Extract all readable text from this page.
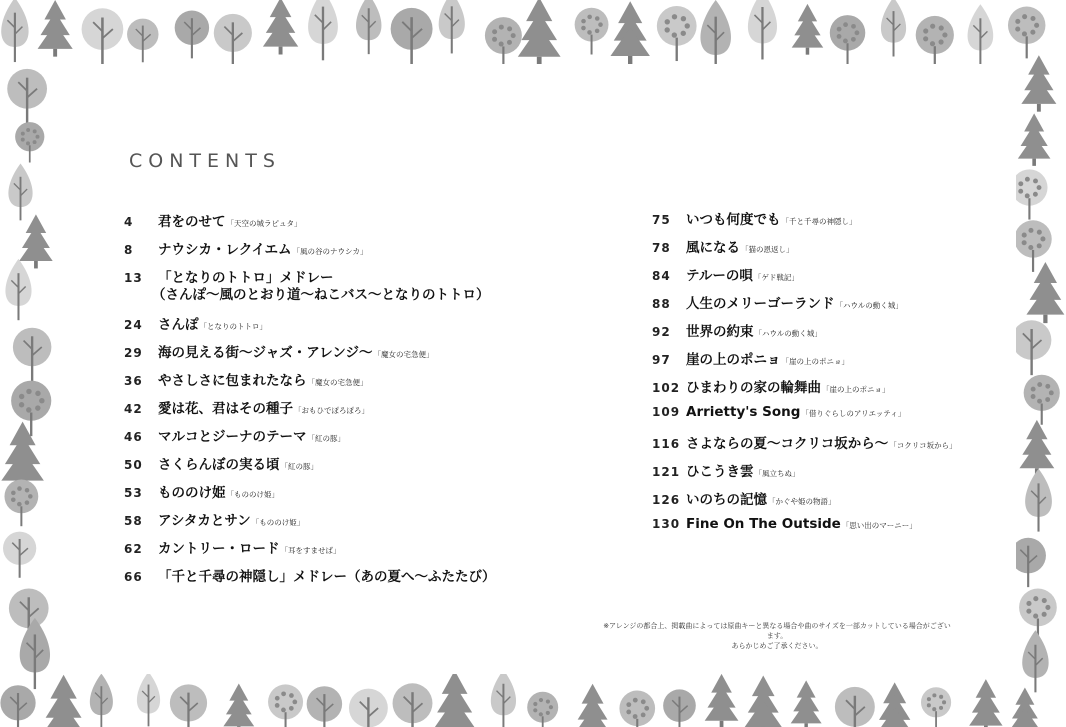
CONTENTS
4	君をのせて 「天空の城ラピュタ」
8	ナウシカ・レクイエム 「風の谷のナウシカ」
13	「となりのトトロ」メドレー
（さんぽ～風のとおり道～ねこバス～となりのトトロ）
24	さんぽ 「となりのトトロ」
29	海の見える街～ジャズ・アレンジ～ 「魔女の宅急便」
36	やさしさに包まれたなら 「魔女の宅急便」
42	愛は花、君はその種子 「おもひでぽろぽろ」
46	マルコとジーナのテーマ 「紅の豚」
50	さくらんぼの実る頃 「紅の豚」
53	もののけ姫 「もののけ姫」
58	アシタカとサン 「もののけ姫」
62	カントリー・ロード 「耳をすませば」
66	「千と千尋の神隠し」メドレー（あの夏へ～ふたたび）
75	いつも何度でも 「千と千尋の神隠し」
78	風になる 「猫の恩返し」
84	テルーの唄 「ゲド戦記」
88	人生のメリーゴーランド 「ハウルの動く城」
92	世界の約束 「ハウルの動く城」
97	崖の上のポニョ 「崖の上のポニョ」
102 ひまわりの家の輪舞曲 「崖の上のポニョ」
109 Arrietty's Song 「借りぐらしのアリエッティ」
116 さよならの夏～コクリコ坂から～ 「コクリコ坂から」
121 ひこうき雲 「風立ちぬ」
126 いのちの記憶 「かぐや姫の物語」
130 Fine On The Outside 「思い出のマーニー」
※アレンジの都合上、掲載曲によっては原曲キーと異なる場合や曲のサイズを一部カットしている場合がございます。
あらかじめご了承ください。
